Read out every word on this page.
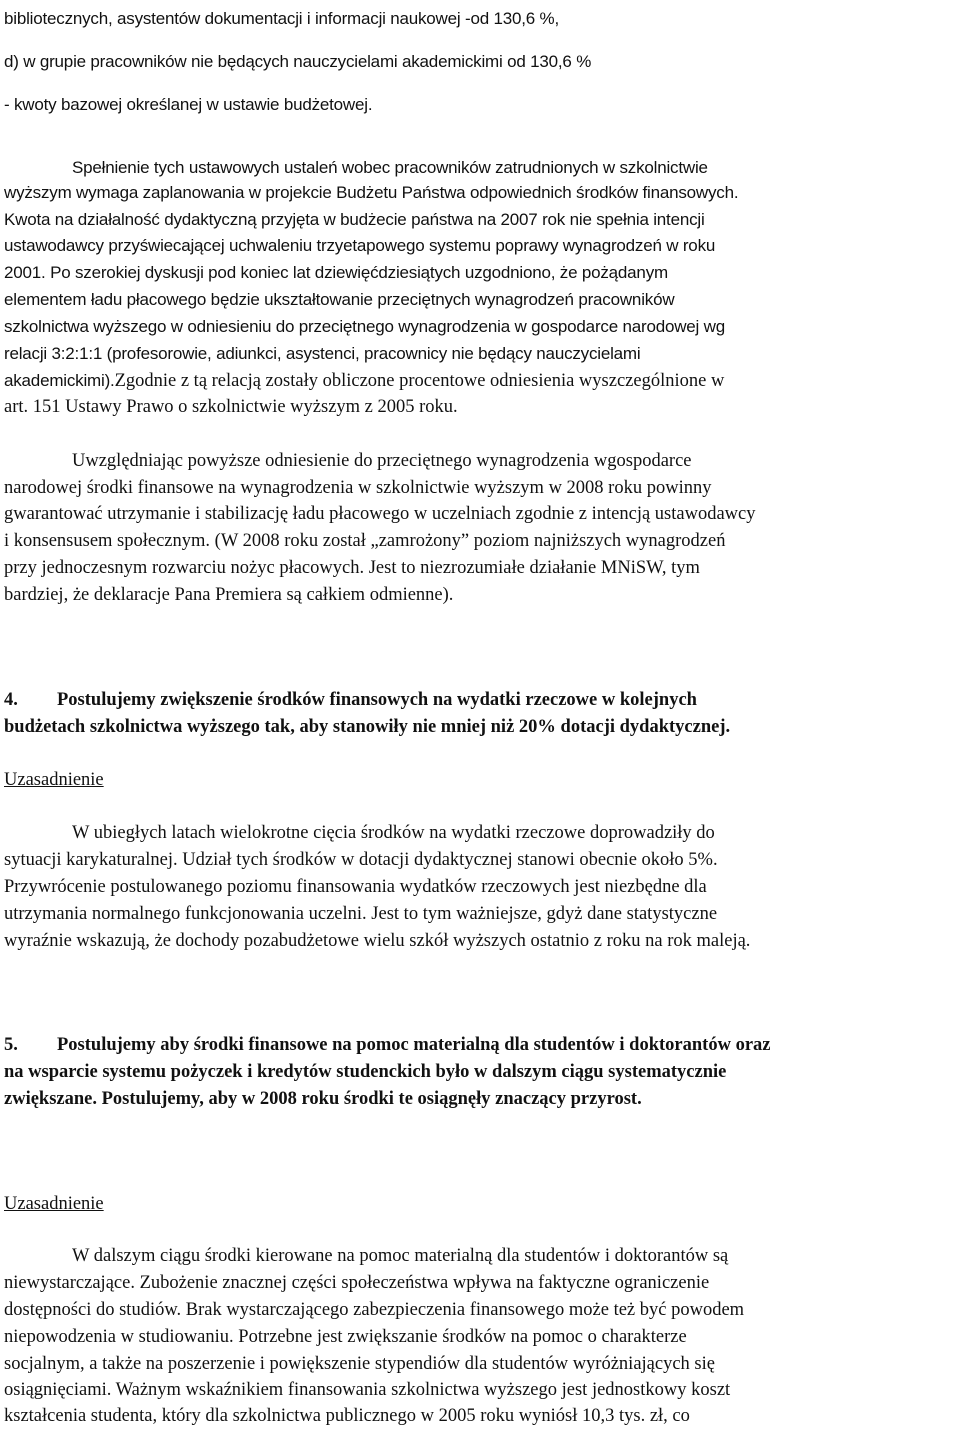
bibliotecznych, asystentów dokumentacji i informacji naukowej -od 130,6 %,
d) w grupie pracowników nie będących nauczycielami akademickimi od 130,6 %
- kwoty bazowej określanej w ustawie budżetowej.
Spełnienie tych ustawowych ustaleń wobec pracowników zatrudnionych w szkolnictwie
wyższym wymaga zaplanowania w projekcie Budżetu Państwa odpowiednich środków finansowych.
Kwota na działalność dydaktyczną przyjęta w budżecie państwa na 2007 rok nie spełnia intencji
ustawodawcy przyświecającej uchwaleniu trzyetapowego systemu poprawy wynagrodzeń w roku
2001. Po szerokiej dyskusji pod koniec lat dziewięćdziesiątych uzgodniono, że pożądanym
elementem ładu płacowego będzie ukształtowanie przeciętnych wynagrodzeń pracowników
szkolnictwa wyższego w odniesieniu do przeciętnego wynagrodzenia w gospodarce narodowej wg
relacji 3:2:1:1 (profesorowie, adiunkci, asystenci, pracownicy nie będący nauczycielami
akademickimi).Zgodnie z tą relacją zostały obliczone procentowe odniesienia wyszczególnione w
art. 151 Ustawy Prawo o szkolnictwie wyższym z 2005 roku.
Uwzględniając powyższe odniesienie do przeciętnego wynagrodzenia wgospodarce
narodowej środki finansowe na wynagrodzenia w szkolnictwie wyższym w 2008 roku powinny
gwarantować utrzymanie i stabilizację ładu płacowego w uczelniach zgodnie z intencją ustawodawcy
i konsensusem społecznym. (W 2008 roku został „zamrożony” poziom najniższych wynagrodzeń
przy jednoczesnym rozwarciu nożyc płacowych. Jest to niezrozumiałe działanie MNiSW, tym
bardziej, że deklaracje Pana Premiera są całkiem odmienne).
4. Postulujemy zwiększenie środków finansowych na wydatki rzeczowe w kolejnych
budżetach szkolnictwa wyższego tak, aby stanowiły nie mniej niż 20% dotacji dydaktycznej.
Uzasadnienie
W ubiegłych latach wielokrotne cięcia środków na wydatki rzeczowe doprowadziły do
sytuacji karykaturalnej. Udział tych środków w dotacji dydaktycznej stanowi obecnie około 5%.
Przywrócenie postulowanego poziomu finansowania wydatków rzeczowych jest niezbędne dla
utrzymania normalnego funkcjonowania uczelni. Jest to tym ważniejsze, gdyż dane statystyczne
wyraźnie wskazują, że dochody pozabudżetowe wielu szkół wyższych ostatnio z roku na rok maleją.
5. Postulujemy aby środki finansowe na pomoc materialną dla studentów i doktorantów oraz
na wsparcie systemu pożyczek i kredytów studenckich było w dalszym ciągu systematycznie
zwiększane. Postulujemy, aby w 2008 roku środki te osiągnęły znaczący przyrost.
Uzasadnienie
W dalszym ciągu środki kierowane na pomoc materialną dla studentów i doktorantów są
niewystarczające. Zubożenie znacznej części społeczeństwa wpływa na faktyczne ograniczenie
dostępności do studiów. Brak wystarczającego zabezpieczenia finansowego może też być powodem
niepowodzenia w studiowaniu. Potrzebne jest zwiększanie środków na pomoc o charakterze
socjalnym, a także na poszerzenie i powiększenie stypendiów dla studentów wyróżniających się
osiągnięciami. Ważnym wskaźnikiem finansowania szkolnictwa wyższego jest jednostkowy koszt
kształcenia studenta, który dla szkolnictwa publicznego w 2005 roku wyniósł 10,3 tys. zł, co
